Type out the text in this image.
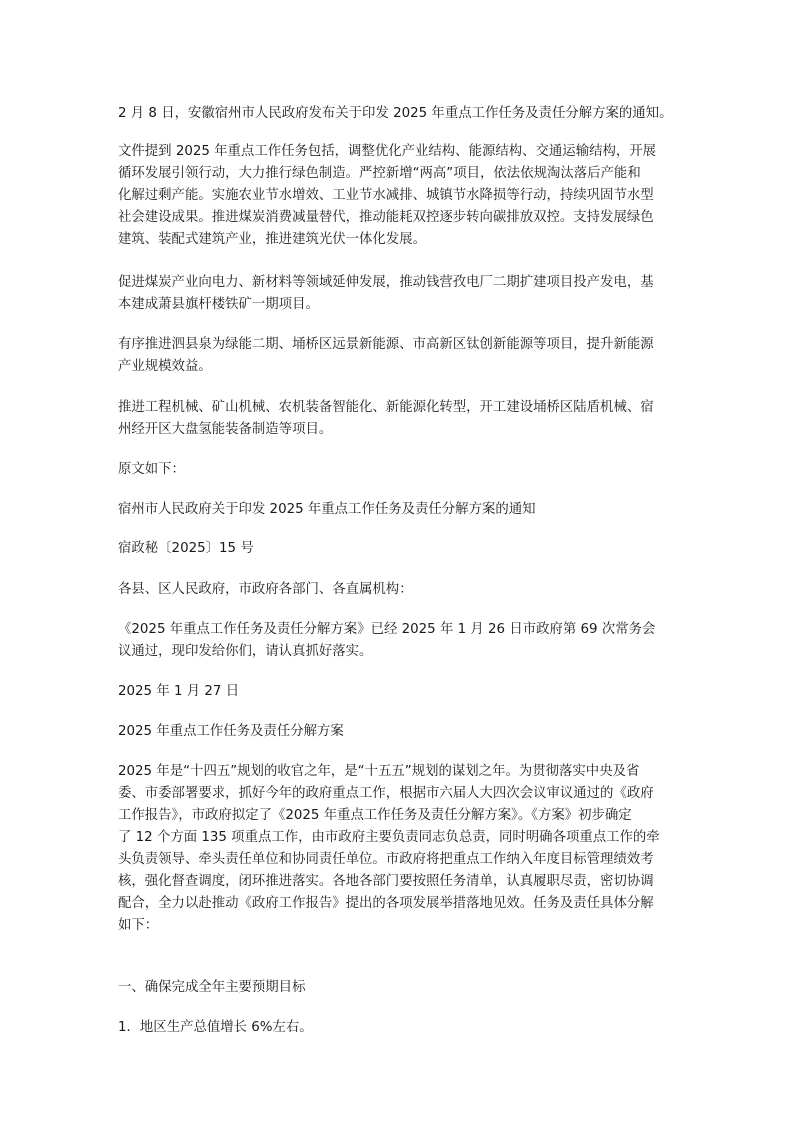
2 月 8 日，安徽宿州市人民政府发布关于印发 2025 年重点工作任务及责任分解方案的通知。
文件提到 2025 年重点工作任务包括，调整优化产业结构、能源结构、交通运输结构，开展
循环发展引领行动，大力推行绿色制造。严控新增“两高”项目，依法依规淘汰落后产能和
化解过剩产能。实施农业节水增效、工业节水减排、城镇节水降损等行动，持续巩固节水型
社会建设成果。推进煤炭消费减量替代，推动能耗双控逐步转向碳排放双控。支持发展绿色
建筑、装配式建筑产业，推进建筑光伏一体化发展。
促进煤炭产业向电力、新材料等领域延伸发展，推动钱营孜电厂二期扩建项目投产发电，基
本建成萧县旗杆楼铁矿一期项目。
有序推进泗县泉为绿能二期、埇桥区远景新能源、市高新区钛创新能源等项目，提升新能源
产业规模效益。
推进工程机械、矿山机械、农机装备智能化、新能源化转型，开工建设埇桥区陆盾机械、宿
州经开区大盘氢能装备制造等项目。
原文如下：
宿州市人民政府关于印发 2025 年重点工作任务及责任分解方案的通知
宿政秘〔2025〕15 号
各县、区人民政府，市政府各部门、各直属机构：
《2025 年重点工作任务及责任分解方案》已经 2025 年 1 月 26 日市政府第 69 次常务会
议通过，现印发给你们，请认真抓好落实。
2025 年 1 月 27 日
2025 年重点工作任务及责任分解方案
2025 年是“十四五”规划的收官之年，是“十五五”规划的谋划之年。为贯彻落实中央及省
委、市委部署要求，抓好今年的政府重点工作，根据市六届人大四次会议审议通过的《政府
工作报告》，市政府拟定了《2025 年重点工作任务及责任分解方案》。《方案》初步确定
了 12 个方面 135 项重点工作，由市政府主要负责同志负总责，同时明确各项重点工作的牵
头负责领导、牵头责任单位和协同责任单位。市政府将把重点工作纳入年度目标管理绩效考
核，强化督查调度，闭环推进落实。各地各部门要按照任务清单，认真履职尽责，密切协调
配合，全力以赴推动《政府工作报告》提出的各项发展举措落地见效。任务及责任具体分解
如下：
一、确保完成全年主要预期目标
1．地区生产总值增长 6%左右。
